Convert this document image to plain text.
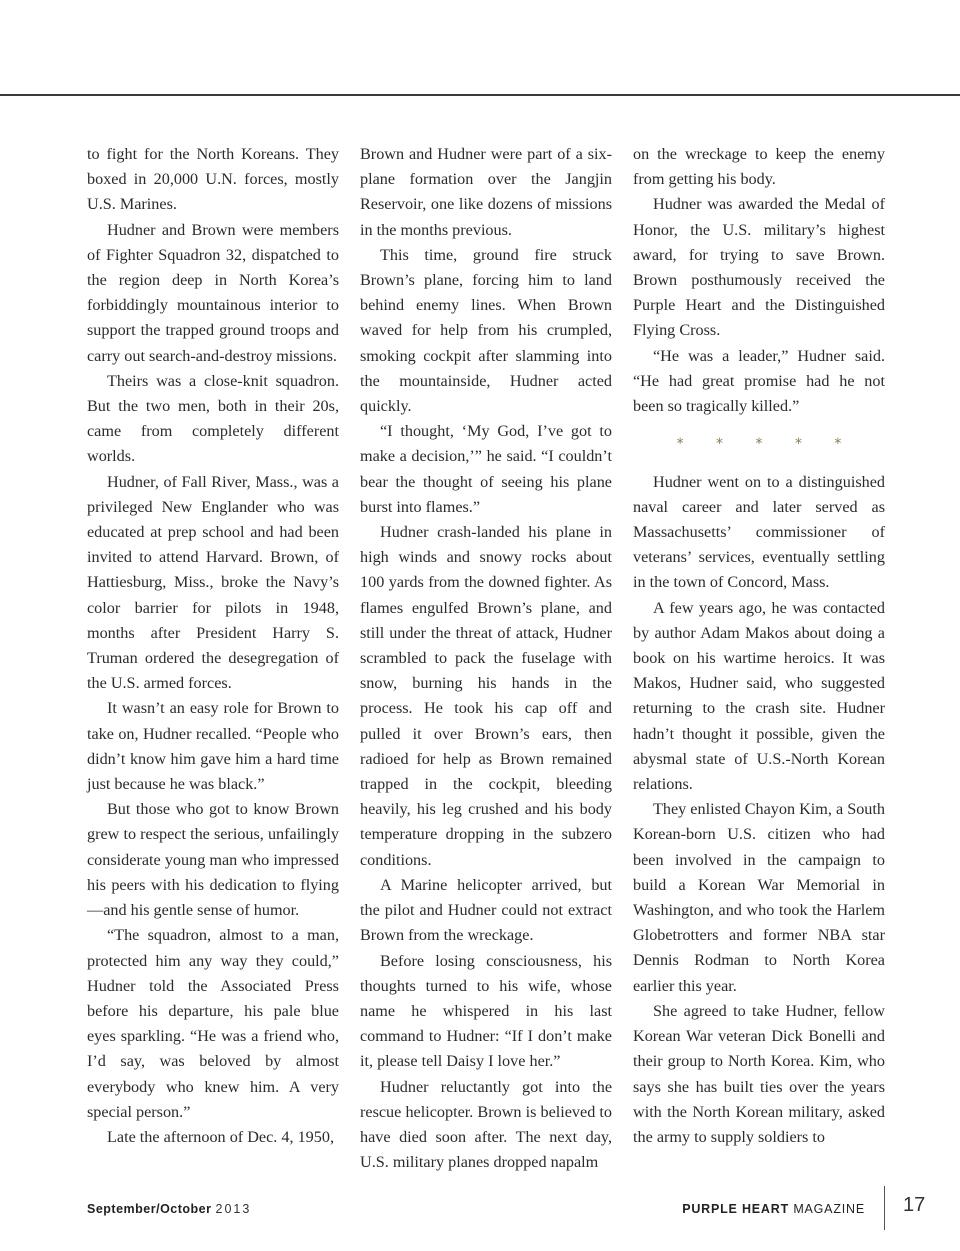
to fight for the North Koreans. They boxed in 20,000 U.N. forces, mostly U.S. Marines.

Hudner and Brown were members of Fighter Squadron 32, dispatched to the region deep in North Korea’s forbiddingly mountainous interior to support the trapped ground troops and carry out search-and-destroy missions.

Theirs was a close-knit squadron. But the two men, both in their 20s, came from completely different worlds.

Hudner, of Fall River, Mass., was a privileged New Englander who was educated at prep school and had been invited to attend Harvard. Brown, of Hattiesburg, Miss., broke the Navy’s color barrier for pilots in 1948, months after President Harry S. Truman ordered the desegregation of the U.S. armed forces.

It wasn’t an easy role for Brown to take on, Hudner recalled. “People who didn’t know him gave him a hard time just because he was black.”

But those who got to know Brown grew to respect the serious, unfailingly considerate young man who impressed his peers with his dedication to flying—and his gentle sense of humor.

“The squadron, almost to a man, protected him any way they could,” Hudner told the Associated Press before his departure, his pale blue eyes sparkling. “He was a friend who, I’d say, was beloved by almost everybody who knew him. A very special person.”

Late the afternoon of Dec. 4, 1950,

Brown and Hudner were part of a six-plane formation over the Jangjin Reservoir, one like dozens of missions in the months previous.

This time, ground fire struck Brown’s plane, forcing him to land behind enemy lines. When Brown waved for help from his crumpled, smoking cockpit after slamming into the mountainside, Hudner acted quickly.

“I thought, ‘My God, I’ve got to make a decision,’” he said. “I couldn’t bear the thought of seeing his plane burst into flames.”

Hudner crash-landed his plane in high winds and snowy rocks about 100 yards from the downed fighter. As flames engulfed Brown’s plane, and still under the threat of attack, Hudner scrambled to pack the fuselage with snow, burning his hands in the process. He took his cap off and pulled it over Brown’s ears, then radioed for help as Brown remained trapped in the cockpit, bleeding heavily, his leg crushed and his body temperature dropping in the subzero conditions.

A Marine helicopter arrived, but the pilot and Hudner could not extract Brown from the wreckage.

Before losing consciousness, his thoughts turned to his wife, whose name he whispered in his last command to Hudner: “If I don’t make it, please tell Daisy I love her.”

Hudner reluctantly got into the rescue helicopter. Brown is believed to have died soon after. The next day, U.S. military planes dropped napalm

on the wreckage to keep the enemy from getting his body.

Hudner was awarded the Medal of Honor, the U.S. military’s highest award, for trying to save Brown. Brown posthumously received the Purple Heart and the Distinguished Flying Cross.

“He was a leader,” Hudner said. “He had great promise had he not been so tragically killed.”

* * * * *

Hudner went on to a distinguished naval career and later served as Massachusetts’ commissioner of veterans’ services, eventually settling in the town of Concord, Mass.

A few years ago, he was contacted by author Adam Makos about doing a book on his wartime heroics. It was Makos, Hudner said, who suggested returning to the crash site. Hudner hadn’t thought it possible, given the abysmal state of U.S.-North Korean relations.

They enlisted Chayon Kim, a South Korean-born U.S. citizen who had been involved in the campaign to build a Korean War Memorial in Washington, and who took the Harlem Globetrotters and former NBA star Dennis Rodman to North Korea earlier this year.

She agreed to take Hudner, fellow Korean War veteran Dick Bonelli and their group to North Korea. Kim, who says she has built ties over the years with the North Korean military, asked the army to supply soldiers to

September/October 2013	PURPLE HEART MAGAZINE 17
